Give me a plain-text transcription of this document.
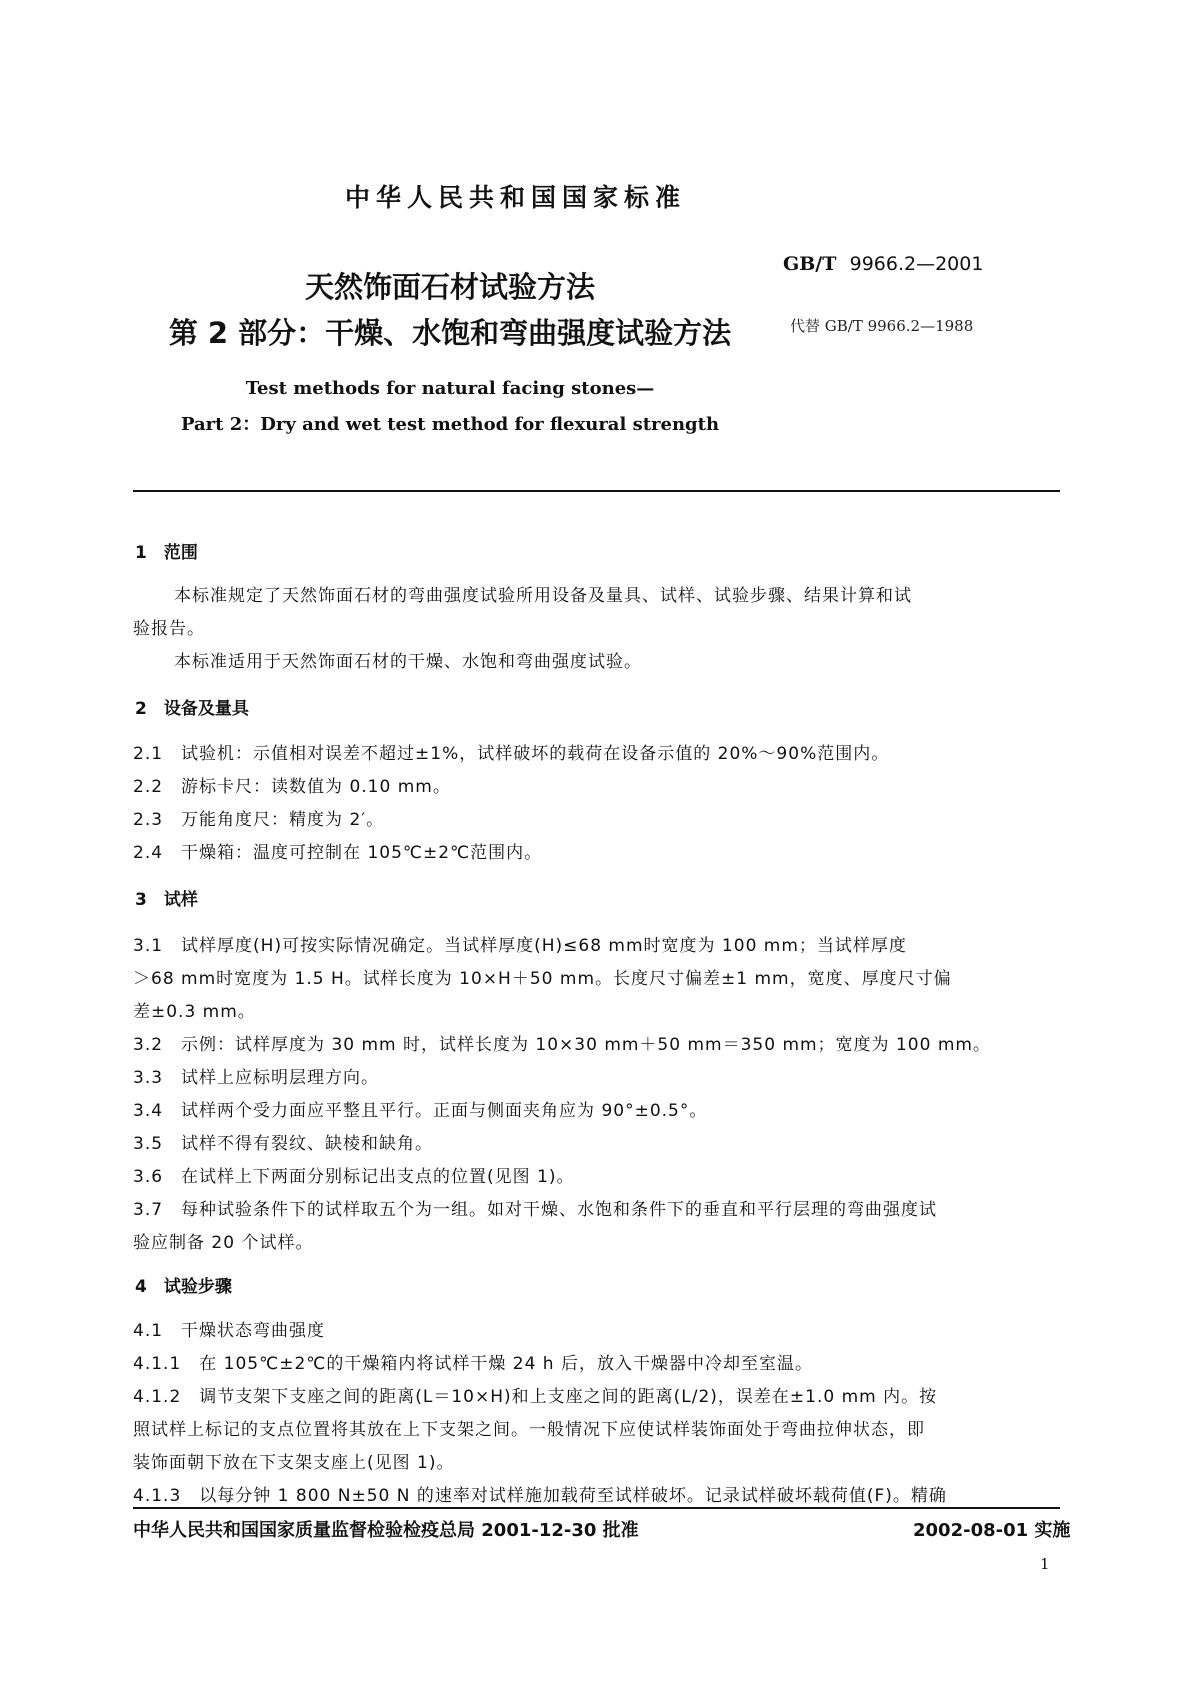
中华人民共和国国家标准
GB/T 9966.2—2001
代替 GB/T 9966.2—1988
天然饰面石材试验方法
第 2 部分：干燥、水饱和弯曲强度试验方法
Test methods for natural facing stones—
Part 2：Dry and wet test method for flexural strength
1　范围
本标准规定了天然饰面石材的弯曲强度试验所用设备及量具、试样、试验步骤、结果计算和试
验报告。
本标准适用于天然饰面石材的干燥、水饱和弯曲强度试验。
2　设备及量具
2.1　试验机：示值相对误差不超过±1%，试样破坏的载荷在设备示值的 20%～90%范围内。
2.2　游标卡尺：读数值为 0.10 mm。
2.3　万能角度尺：精度为 2′。
2.4　干燥箱：温度可控制在 105℃±2℃范围内。
3　试样
3.1　试样厚度(H)可按实际情况确定。当试样厚度(H)≤68 mm时宽度为 100 mm；当试样厚度
＞68 mm时宽度为 1.5 H。试样长度为 10×H＋50 mm。长度尺寸偏差±1 mm，宽度、厚度尺寸偏
差±0.3 mm。
3.2　示例：试样厚度为 30 mm 时，试样长度为 10×30 mm＋50 mm＝350 mm；宽度为 100 mm。
3.3　试样上应标明层理方向。
3.4　试样两个受力面应平整且平行。正面与侧面夹角应为 90°±0.5°。
3.5　试样不得有裂纹、缺棱和缺角。
3.6　在试样上下两面分别标记出支点的位置(见图 1)。
3.7　每种试验条件下的试样取五个为一组。如对干燥、水饱和条件下的垂直和平行层理的弯曲强度试
验应制备 20 个试样。
4　试验步骤
4.1　干燥状态弯曲强度
4.1.1　在 105℃±2℃的干燥箱内将试样干燥 24 h 后，放入干燥器中冷却至室温。
4.1.2　调节支架下支座之间的距离(L＝10×H)和上支座之间的距离(L/2)，误差在±1.0 mm 内。按
照试样上标记的支点位置将其放在上下支架之间。一般情况下应使试样装饰面处于弯曲拉伸状态，即
装饰面朝下放在下支架支座上(见图 1)。
4.1.3　以每分钟 1 800 N±50 N 的速率对试样施加载荷至试样破坏。记录试样破坏载荷值(F)。精确
中华人民共和国国家质量监督检验检疫总局 2001-12-30 批准	2002-08-01 实施
1
